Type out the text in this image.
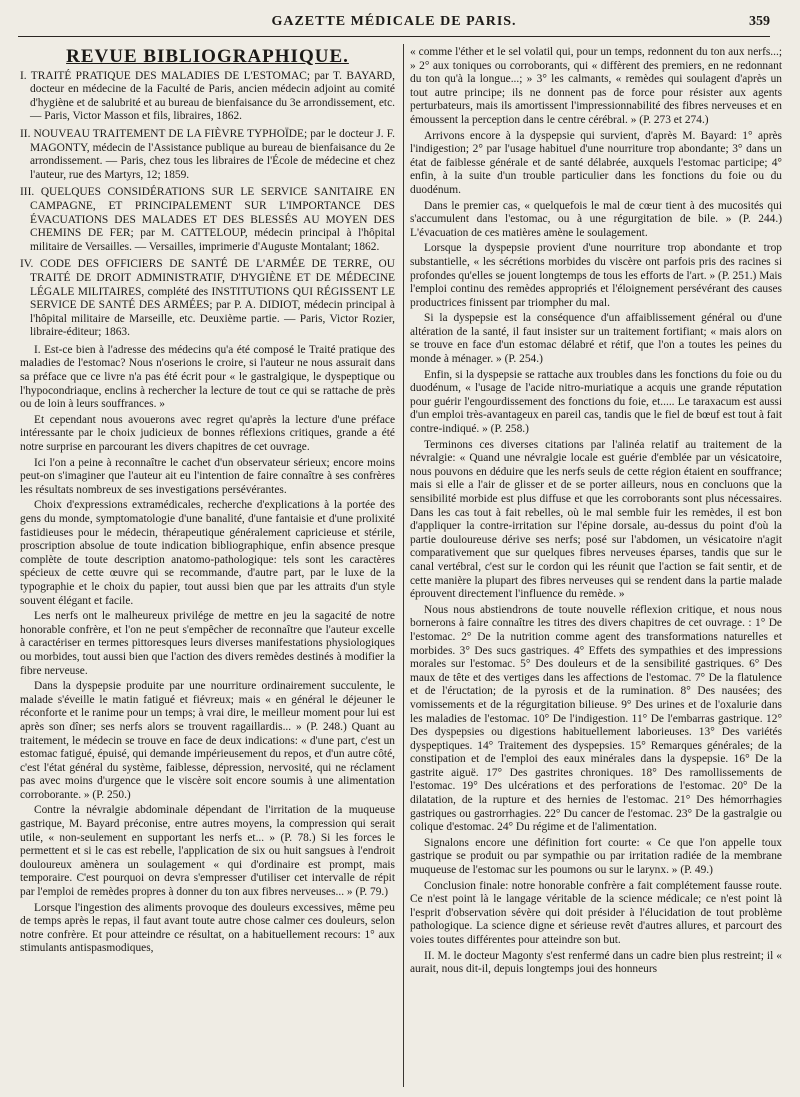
GAZETTE MÉDICALE DE PARIS.	359
REVUE BIBLIOGRAPHIQUE.

I. TRAITÉ PRATIQUE DES MALADIES DE L'ESTOMAC; par T. BAYARD, docteur en médecine de la Faculté de Paris, ancien médecin adjoint au comité d'hygiène et de salubrité et au bureau de bienfaisance du 3e arrondissement, etc. — Paris, Victor Masson et fils, libraires, 1862.

II. NOUVEAU TRAITEMENT DE LA FIÈVRE TYPHOÏDE; par le docteur J. F. MAGONTY, médecin de l'Assistance publique au bureau de bienfaisance du 2e arrondissement. — Paris, chez tous les libraires de l'École de médecine et chez l'auteur, rue des Martyrs, 12; 1859.

III. QUELQUES CONSIDÉRATIONS SUR LE SERVICE SANITAIRE EN CAMPAGNE, ET PRINCIPALEMENT SUR L'IMPORTANCE DES ÉVACUATIONS DES MALADES ET DES BLESSÉS AU MOYEN DES CHEMINS DE FER; par M. CATTELOUP, médecin principal à l'hôpital militaire de Versailles. — Versailles, imprimerie d'Auguste Montalant; 1862.

IV. CODE DES OFFICIERS DE SANTÉ DE L'ARMÉE DE TERRE, OU TRAITÉ DE DROIT ADMINISTRATIF, D'HYGIÈNE ET DE MÉDECINE LÉGALE MILITAIRES, complété des INSTITUTIONS QUI RÉGISSENT LE SERVICE DE SANTÉ DES ARMÉES; par P. A. DIDIOT, médecin principal à l'hôpital militaire de Marseille, etc. Deuxième partie. — Paris, Victor Rozier, libraire-éditeur; 1863.

I. Est-ce bien à l'adresse des médecins qu'a été composé le Traité pratique des maladies de l'estomac? Nous n'oserions le croire, si l'auteur ne nous assurait dans sa préface que ce livre n'a pas été écrit pour « le gastralgique, le dyspeptique ou l'hypocondriaque, enclins à rechercher la lecture de tout ce qui se rattache de près ou de loin à leurs souffrances. »

Et cependant nous avouerons avec regret qu'après la lecture d'une préface intéressante par le choix judicieux de bonnes réflexions critiques, grande a été notre surprise en parcourant les divers chapitres de cet ouvrage.

Ici l'on a peine à reconnaître le cachet d'un observateur sérieux; encore moins peut-on s'imaginer que l'auteur ait eu l'intention de faire connaître à ses confrères les résultats nombreux de ses investigations persévérantes.

Choix d'expressions extramédicales, recherche d'explications à la portée des gens du monde, symptomatologie d'une banalité, d'une fantaisie et d'une prolixité fastidieuses pour le médecin, thérapeutique généralement capricieuse et stérile, proscription absolue de toute indication bibliographique, enfin absence presque complète de toute description anatomo-pathologique: tels sont les caractères spécieux de cette œuvre qui se recommande, d'autre part, par le luxe de la typographie et le choix du papier, tout aussi bien que par les attraits d'un style souvent élégant et facile.

Les nerfs ont le malheureux privilége de mettre en jeu la sagacité de notre honorable confrère, et l'on ne peut s'empêcher de reconnaître que l'auteur excelle à caractériser en termes pittoresques leurs diverses manifestations physiologiques ou morbides, tout aussi bien que l'action des divers remèdes destinés à modifier la fibre nerveuse.

Dans la dyspepsie produite par une nourriture ordinairement succulente, le malade s'éveille le matin fatigué et fiévreux; mais « en général le déjeuner le réconforte et le ranime pour un temps; à vrai dire, le meilleur moment pour lui est après son dîner; ses nerfs alors se trouvent ragaillardis... » (P. 248.) Quant au traitement, le médecin se trouve en face de deux indications: « d'une part, c'est un estomac fatigué, épuisé, qui demande impérieusement du repos, et d'un autre côté, c'est l'état général du système, faiblesse, dépression, nervosité, qui ne réclament pas avec moins d'urgence que le viscère soit encore soumis à une alimentation corroborante. » (P. 250.)

Contre la névralgie abdominale dépendant de l'irritation de la muqueuse gastrique, M. Bayard préconise, entre autres moyens, la compression qui serait utile, « non-seulement en supportant les nerfs et... » (P. 78.) Si les forces le permettent et si le cas est rebelle, l'application de six ou huit sangsues à l'endroit douloureux amènera un soulagement « qui d'ordinaire est prompt, mais temporaire. C'est pourquoi on devra s'empresser d'utiliser cet intervalle de répit par l'emploi de remèdes propres à donner du ton aux fibres nerveuses... » (P. 79.)

Lorsque l'ingestion des aliments provoque des douleurs excessives, même peu de temps après le repas, il faut avant toute autre chose calmer ces douleurs, selon notre confrère. Et pour atteindre ce résultat, on a habituellement recours: 1° aux stimulants antispasmodiques,

« comme l'éther et le sel volatil qui, pour un temps, redonnent du ton aux nerfs...; » 2° aux toniques ou corroborants, qui « diffèrent des premiers, en ne redonnant du ton qu'à la longue...; » 3° les calmants, « remèdes qui soulagent d'après un tout autre principe; ils ne donnent pas de force pour résister aux agents perturbateurs, mais ils amortissent l'impressionnabilité des fibres nerveuses et en émoussent la perception dans le centre cérébral. » (P. 273 et 274.)

Arrivons encore à la dyspepsie qui survient, d'après M. Bayard: 1° après l'indigestion; 2° par l'usage habituel d'une nourriture trop abondante; 3° dans un état de faiblesse générale et de santé délabrée, auxquels l'estomac participe; 4° enfin, à la suite d'un trouble particulier dans les fonctions du foie ou du duodénum.

Dans le premier cas, « quelquefois le mal de cœur tient à des mucosités qui s'accumulent dans l'estomac, ou à une régurgitation de bile. » (P. 244.) L'évacuation de ces matières amène le soulagement.

Lorsque la dyspepsie provient d'une nourriture trop abondante et trop substantielle, « les sécrétions morbides du viscère ont parfois pris des racines si profondes qu'elles se jouent longtemps de tous les efforts de l'art. » (P. 251.) Mais l'emploi continu des remèdes appropriés et l'éloignement persévérant des causes productrices finissent par triompher du mal.

Si la dyspepsie est la conséquence d'un affaiblissement général ou d'une altération de la santé, il faut insister sur un traitement fortifiant; « mais alors on se trouve en face d'un estomac délabré et rétif, que l'on a toutes les peines du monde à ménager. » (P. 254.)

Enfin, si la dyspepsie se rattache aux troubles dans les fonctions du foie ou du duodénum, « l'usage de l'acide nitro-muriatique a acquis une grande réputation pour guérir l'engourdissement des fonctions du foie, et..... Le taraxacum est aussi d'un emploi très-avantageux en pareil cas, tandis que le fiel de bœuf est tout à fait contre-indiqué. » (P. 258.)

Terminons ces diverses citations par l'alinéa relatif au traitement de la névralgie: « Quand une névralgie locale est guérie d'emblée par un vésicatoire, nous pouvons en déduire que les nerfs seuls de cette région étaient en souffrance; mais si elle a l'air de glisser et de se porter ailleurs, nous en concluons que la sensibilité morbide est plus diffuse et que les corroborants sont plus nécessaires. Dans les cas tout à fait rebelles, où le mal semble fuir les remèdes, il est bon d'appliquer la contre-irritation sur l'épine dorsale, au-dessus du point d'où la partie douloureuse dérive ses nerfs; posé sur l'abdomen, un vésicatoire n'agit comparativement que sur quelques fibres nerveuses éparses, tandis que sur le canal vertébral, c'est sur le cordon qui les réunit que l'action se fait sentir, et de cette manière la plupart des fibres nerveuses qui se rendent dans la partie malade éprouvent directement l'influence du remède. »

Nous nous abstiendrons de toute nouvelle réflexion critique, et nous nous bornerons à faire connaître les titres des divers chapitres de cet ouvrage. : 1° De l'estomac. 2° De la nutrition comme agent des transformations naturelles et morbides. 3° Des sucs gastriques. 4° Effets des sympathies et des impressions morales sur l'estomac. 5° Des douleurs et de la sensibilité gastriques. 6° Des maux de tête et des vertiges dans les affections de l'estomac. 7° De la flatulence et de l'éructation; de la pyrosis et de la rumination. 8° Des nausées; des vomissements et de la régurgitation bilieuse. 9° Des urines et de l'oxalurie dans les maladies de l'estomac. 10° De l'indigestion. 11° De l'embarras gastrique. 12° Des dyspepsies ou digestions habituellement laborieuses. 13° Des variétés dyspeptiques. 14° Traitement des dyspepsies. 15° Remarques générales; de la constipation et de l'emploi des eaux minérales dans la dyspepsie. 16° De la gastrite aiguë. 17° Des gastrites chroniques. 18° Des ramollissements de l'estomac. 19° Des ulcérations et des perforations de l'estomac. 20° De la dilatation, de la rupture et des hernies de l'estomac. 21° Des hémorrhagies gastriques ou gastrorrhagies. 22° Du cancer de l'estomac. 23° De la gastralgie ou colique d'estomac. 24° Du régime et de l'alimentation.

Signalons encore une définition fort courte: « Ce que l'on appelle toux gastrique se produit ou par sympathie ou par irritation radiée de la membrane muqueuse de l'estomac sur les poumons ou sur le larynx. » (P. 49.)

Conclusion finale: notre honorable confrère a fait complétement fausse route. Ce n'est point là le langage véritable de la science médicale; ce n'est point là l'esprit d'observation sévère qui doit présider à l'élucidation de tout problème pathologique. La science digne et sérieuse revêt d'autres allures, et parcourt des voies toutes différentes pour atteindre son but.

II. M. le docteur Magonty s'est renfermé dans un cadre bien plus restreint; il « aurait, nous dit-il, depuis longtemps joui des honneurs
